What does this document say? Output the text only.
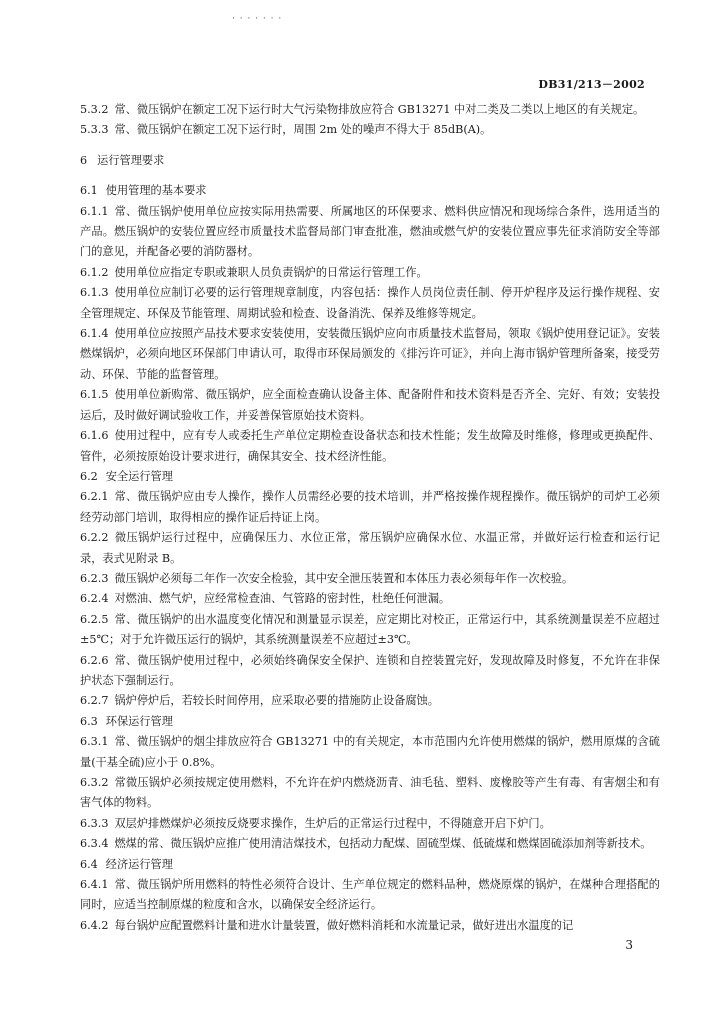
· · · · · · ·
DB31/213－2002

5.3.2 常、微压锅炉在额定工况下运行时大气污染物排放应符合 GB13271 中对二类及二类以上地区的有关规定。

5.3.3 常、微压锅炉在额定工况下运行时，周围 2m 处的噪声不得大于 85dB(A)。

6 运行管理要求

6.1 使用管理的基本要求

6.1.1 常、微压锅炉使用单位应按实际用热需要、所属地区的环保要求、燃料供应情况和现场综合条件，选用适当的产品。燃压锅炉的安装位置应经市质量技术监督局部门审查批准，燃油或燃气炉的安装位置应事先征求消防安全等部门的意见，并配备必要的消防器材。

6.1.2 使用单位应指定专职或兼职人员负责锅炉的日常运行管理工作。

6.1.3 使用单位应制订必要的运行管理规章制度，内容包括：操作人员岗位责任制、停开炉程序及运行操作规程、安全管理规定、环保及节能管理、周期试验和检查、设备消洗、保养及维修等规定。

6.1.4 使用单位应按照产品技术要求安装使用，安装微压锅炉应向市质量技术监督局，领取《锅炉使用登记证》。安装燃煤锅炉，必须向地区环保部门申请认可，取得市环保局颁发的《排污许可证》，并向上海市锅炉管理所备案，接受劳动、环保、节能的监督管理。

6.1.5 使用单位新购常、微压锅炉，应全面检查确认设备主体、配备附件和技术资料是否齐全、完好、有效；安装投运后，及时做好调试验收工作，并妥善保管原始技术资料。

6.1.6 使用过程中，应有专人或委托生产单位定期检查设备状态和技术性能；发生故障及时维修，修理或更换配件、管件，必须按原始设计要求进行，确保其安全、技术经济性能。

6.2 安全运行管理

6.2.1 常、微压锅炉应由专人操作，操作人员需经必要的技术培训，并严格按操作规程操作。微压锅炉的司炉工必须经劳动部门培训，取得相应的操作证后持证上岗。

6.2.2 微压锅炉运行过程中，应确保压力、水位正常，常压锅炉应确保水位、水温正常，并做好运行检查和运行记录，表式见附录 B。

6.2.3 微压锅炉必须每二年作一次安全检验，其中安全泄压装置和本体压力表必须每年作一次校验。

6.2.4 对燃油、燃气炉，应经常检查油、气管路的密封性，杜绝任何泄漏。

6.2.5 常、微压锅炉的出水温度变化情况和测量显示误差，应定期比对校正，正常运行中，其系统测量误差不应超过±5℃；对于允许微压运行的锅炉，其系统测量误差不应超过±3℃。

6.2.6 常、微压锅炉使用过程中，必须始终确保安全保护、连锁和自控装置完好，发现故障及时修复，不允许在非保护状态下强制运行。

6.2.7 锅炉停炉后，若较长时间停用，应采取必要的措施防止设备腐蚀。

6.3 环保运行管理

6.3.1 常、微压锅炉的烟尘排放应符合 GB13271 中的有关规定，本市范围内允许使用燃煤的锅炉，燃用原煤的含硫量(干基全硫)应小于 0.8%。

6.3.2 常微压锅炉必须按规定使用燃料，不允许在炉内燃烧沥青、油毛毡、塑料、废橡胶等产生有毒、有害烟尘和有害气体的物料。

6.3.3 双层炉排燃煤炉必须按反烧要求操作，生炉后的正常运行过程中，不得随意开启下炉门。

6.3.4 燃煤的常、微压锅炉应推广使用清洁煤技术，包括动力配煤、固硫型煤、低硫煤和燃煤固硫添加剂等新技术。

6.4 经济运行管理

6.4.1 常、微压锅炉所用燃料的特性必须符合设计、生产单位规定的燃料品种，燃烧原煤的锅炉，在煤种合理搭配的同时，应适当控制原煤的粒度和含水，以确保安全经济运行。

6.4.2 每台锅炉应配置燃料计量和进水计量装置，做好燃料消耗和水流量记录，做好进出水温度的记

3
